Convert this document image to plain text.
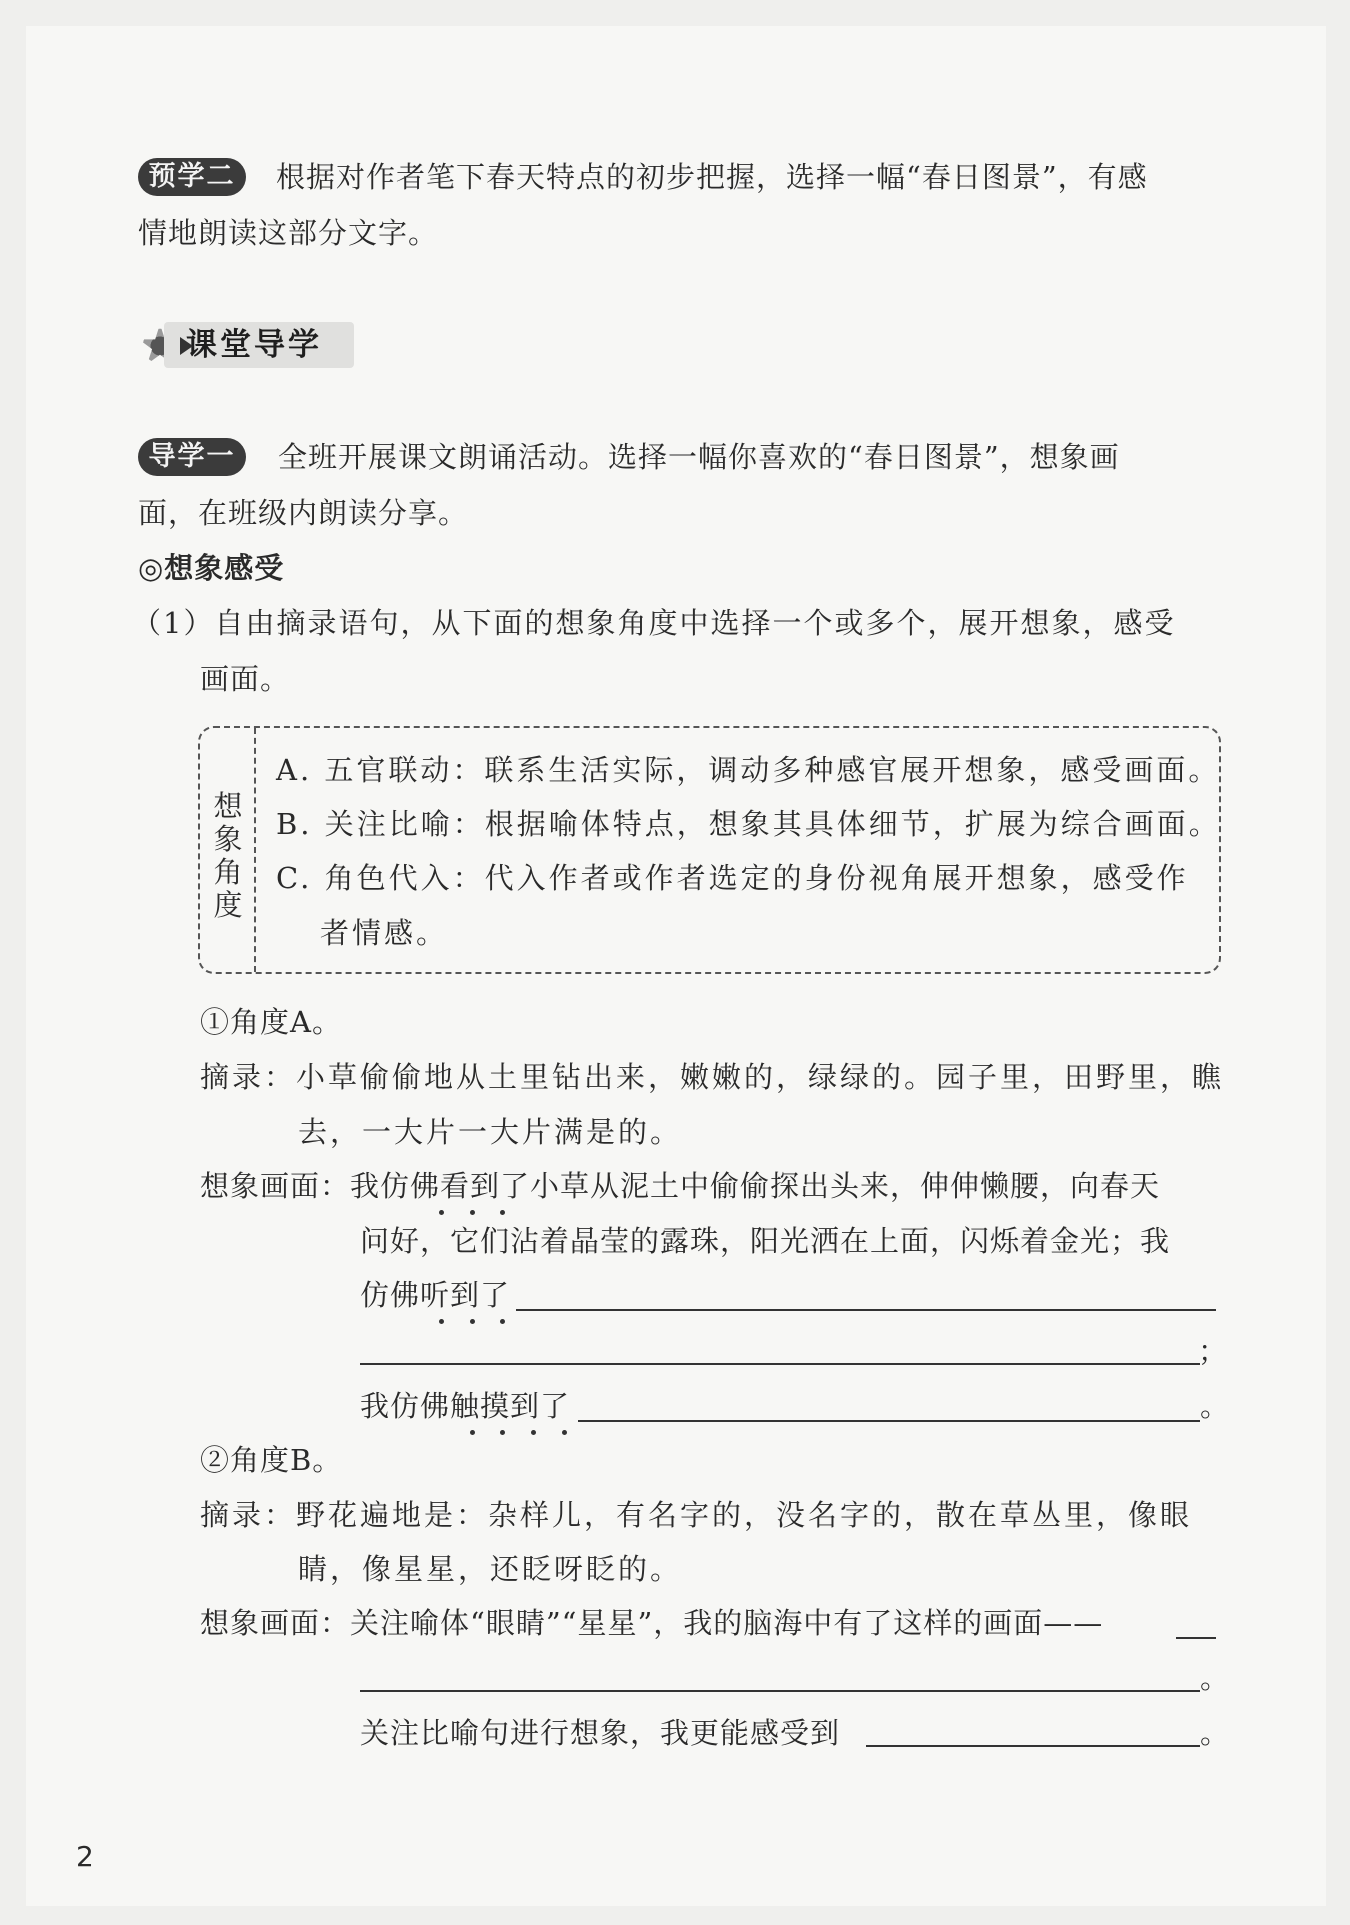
预学二	根据对作者笔下春天特点的初步把握，选择一幅“春日图景”，有感
情地朗读这部分文字。
课堂导学
导学一	全班开展课文朗诵活动。选择一幅你喜欢的“春日图景”，想象画
面，在班级内朗读分享。
◎想象感受
（1）自由摘录语句，从下面的想象角度中选择一个或多个，展开想象，感受
画面。
想象角度
A. 五官联动：联系生活实际，调动多种感官展开想象，感受画面。
B. 关注比喻：根据喻体特点，想象其具体细节，扩展为综合画面。
C. 角色代入：代入作者或作者选定的身份视角展开想象，感受作
者情感。
①角度A。
摘录：小草偷偷地从土里钻出来，嫩嫩的，绿绿的。园子里，田野里，瞧
去，一大片一大片满是的。
想象画面：我仿佛看到了小草从泥土中偷偷探出头来，伸伸懒腰，向春天
问好，它们沾着晶莹的露珠，阳光洒在上面，闪烁着金光；我
仿佛听到了
；
我仿佛触摸到了	。
②角度B。
摘录：野花遍地是：杂样儿，有名字的，没名字的，散在草丛里，像眼
睛，像星星，还眨呀眨的。
想象画面：关注喻体“眼睛”“星星”，我的脑海中有了这样的画面——
。
关注比喻句进行想象，我更能感受到	。
2
